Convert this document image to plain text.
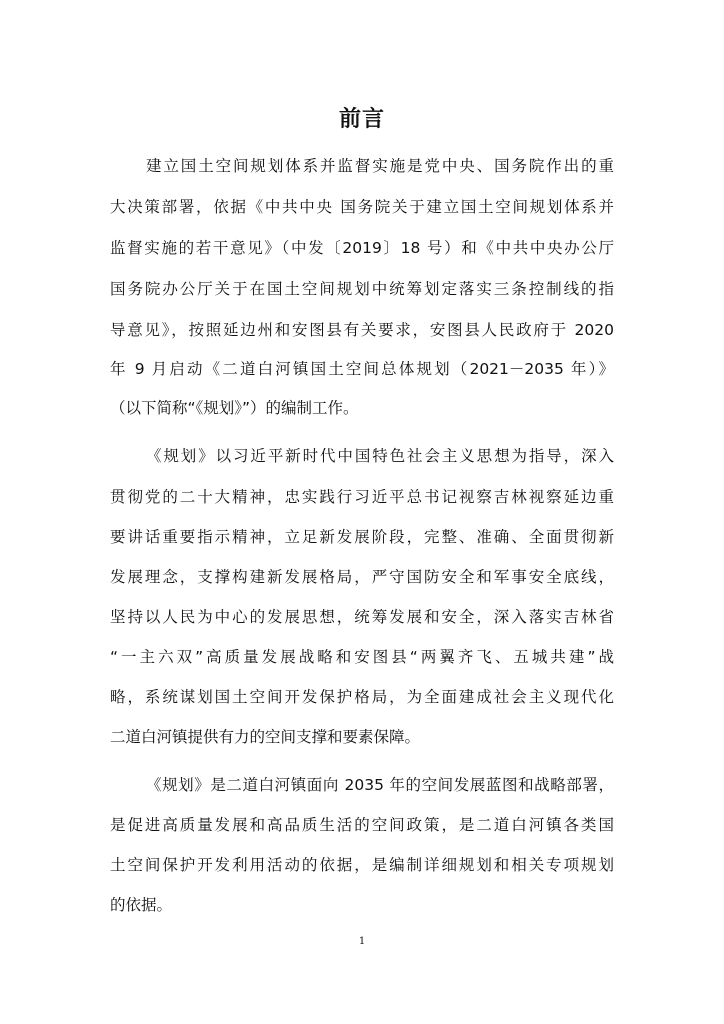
前言
建立国土空间规划体系并监督实施是党中央、国务院作出的重
大决策部署，依据《中共中央 国务院关于建立国土空间规划体系并
监督实施的若干意见》（中发〔2019〕18 号）和《中共中央办公厅
国务院办公厅关于在国土空间规划中统筹划定落实三条控制线的指
导意见》，按照延边州和安图县有关要求，安图县人民政府于 2020
年 9 月启动《二道白河镇国土空间总体规划（2021－2035 年）》
（以下简称“《规划》”）的编制工作。
《规划》以习近平新时代中国特色社会主义思想为指导，深入
贯彻党的二十大精神，忠实践行习近平总书记视察吉林视察延边重
要讲话重要指示精神，立足新发展阶段，完整、准确、全面贯彻新
发展理念，支撑构建新发展格局，严守国防安全和军事安全底线，
坚持以人民为中心的发展思想，统筹发展和安全，深入落实吉林省
“一主六双”高质量发展战略和安图县“两翼齐飞、五城共建”战
略，系统谋划国土空间开发保护格局，为全面建成社会主义现代化
二道白河镇提供有力的空间支撑和要素保障。
《规划》是二道白河镇面向 2035 年的空间发展蓝图和战略部署，
是促进高质量发展和高品质生活的空间政策，是二道白河镇各类国
土空间保护开发利用活动的依据，是编制详细规划和相关专项规划
的依据。
1
